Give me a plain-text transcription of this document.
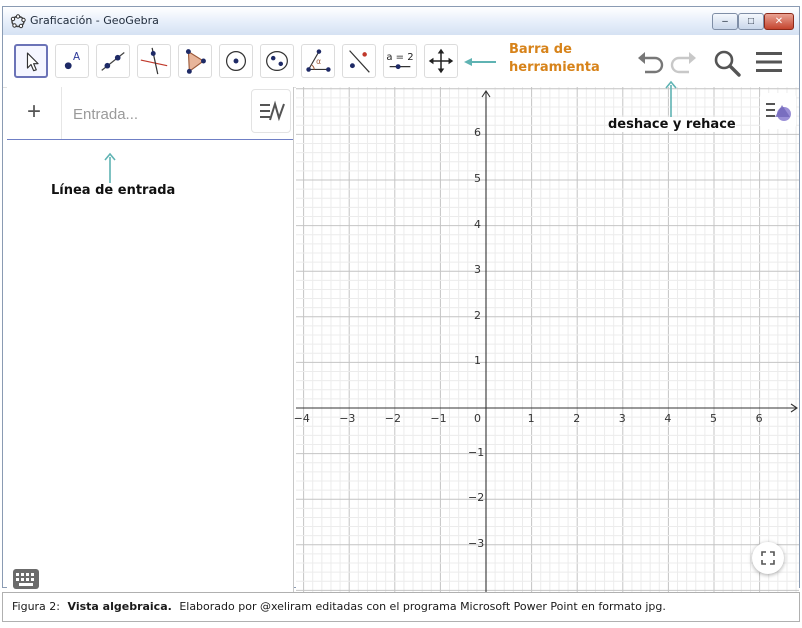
Graficación - GeoGebra	‒	□	✕
A	α	a = 2
Barra de herramienta
+
Entrada...
Línea de entrada
−4	−3	−2	−1 0	1	2	3	4	5	6
6
5
4
3
2
1
−1
−2
−3
deshace y rehace
Figura 2: Vista algebraica. Elaborado por @xeliram editadas con el programa Microsoft Power Point en formato jpg.
